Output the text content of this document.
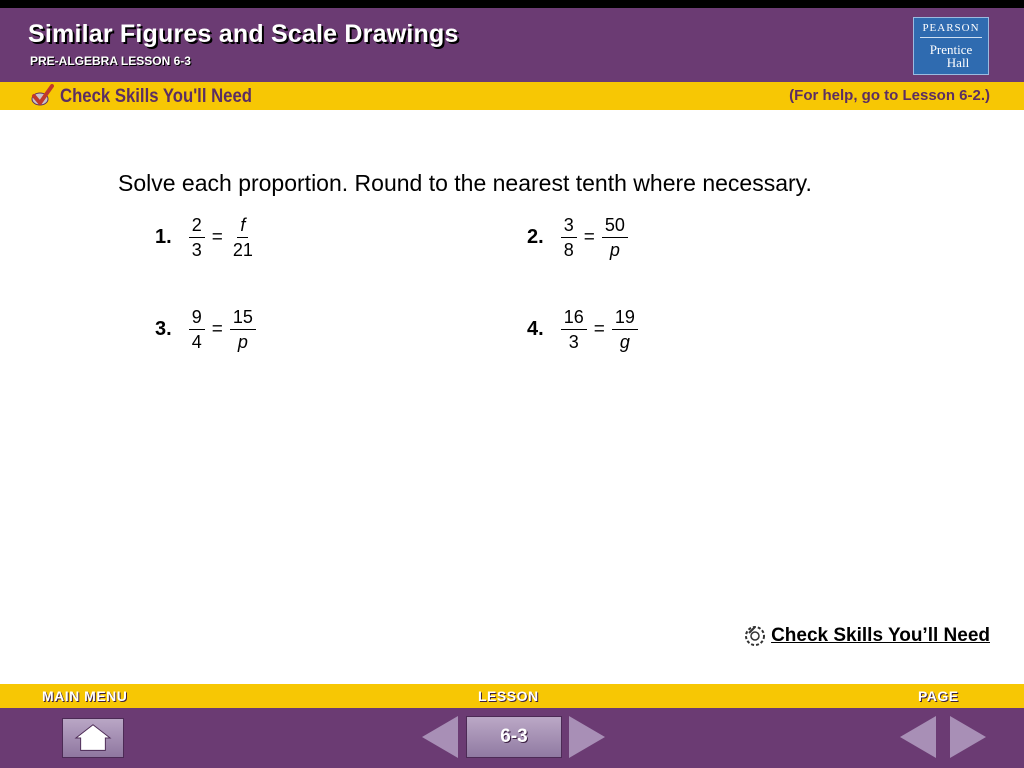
Similar Figures and Scale Drawings
PRE-ALGEBRA LESSON 6-3
PEARSON
Prentice
Hall
Check Skills You'll Need	(For help, go to Lesson 6-2.)
Solve each proportion. Round to the nearest tenth where necessary.
1. $\frac{2}{3} = \frac{f}{21}$	2. $\frac{3}{8} = \frac{50}{p}$
3. $\frac{9}{4} = \frac{15}{p}$	4. $\frac{16}{3} = \frac{19}{g}$
Check Skills You’ll Need
MAIN MENU	LESSON	PAGE
6-3
